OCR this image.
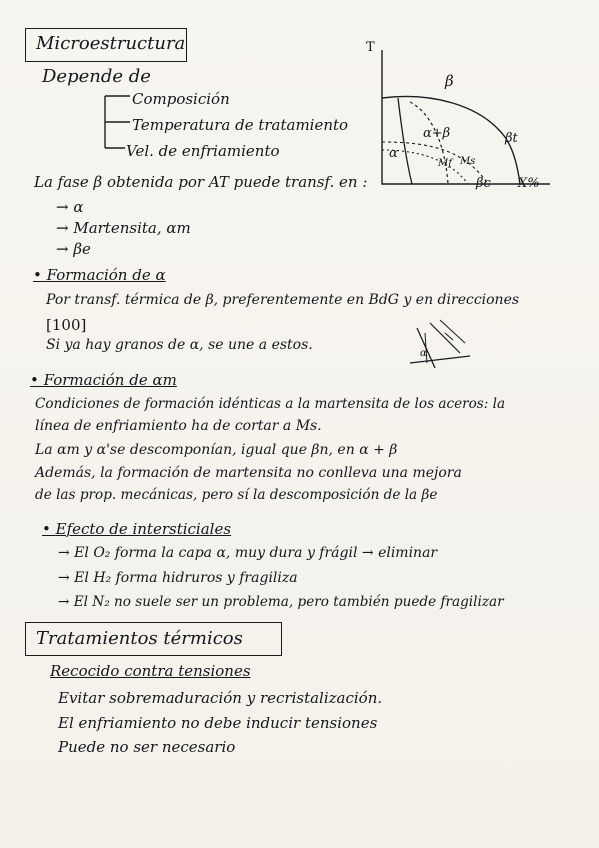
Microestructura
Depende de
Composición
Temperatura de tratamiento
Vel. de enfriamiento
T
β
α+β
α
βt
Mf Ms
βc X%
La fase β obtenida por AT puede transf. en :
→ α
→ Martensita, αm
→ βe
• Formación de α
Por transf. térmica de β, preferentemente en BdG y en direcciones
[100]
Si ya hay granos de α, se une a estos.
α
• Formación de αm
Condiciones de formación idénticas a la martensita de los aceros: la
línea de enfriamiento ha de cortar a Ms.
La αm y α'se descomponían, igual que βn, en α + β
Además, la formación de martensita no conlleva una mejora
de las prop. mecánicas, pero sí la descomposición de la βe
• Efecto de intersticiales
→ El O₂ forma la capa α, muy dura y frágil → eliminar
→ El H₂ forma hidruros y fragiliza
→ El N₂ no suele ser un problema, pero también puede fragilizar
Tratamientos térmicos
Recocido contra tensiones
Evitar sobremaduración y recristalización.
El enfriamiento no debe inducir tensiones
Puede no ser necesario
